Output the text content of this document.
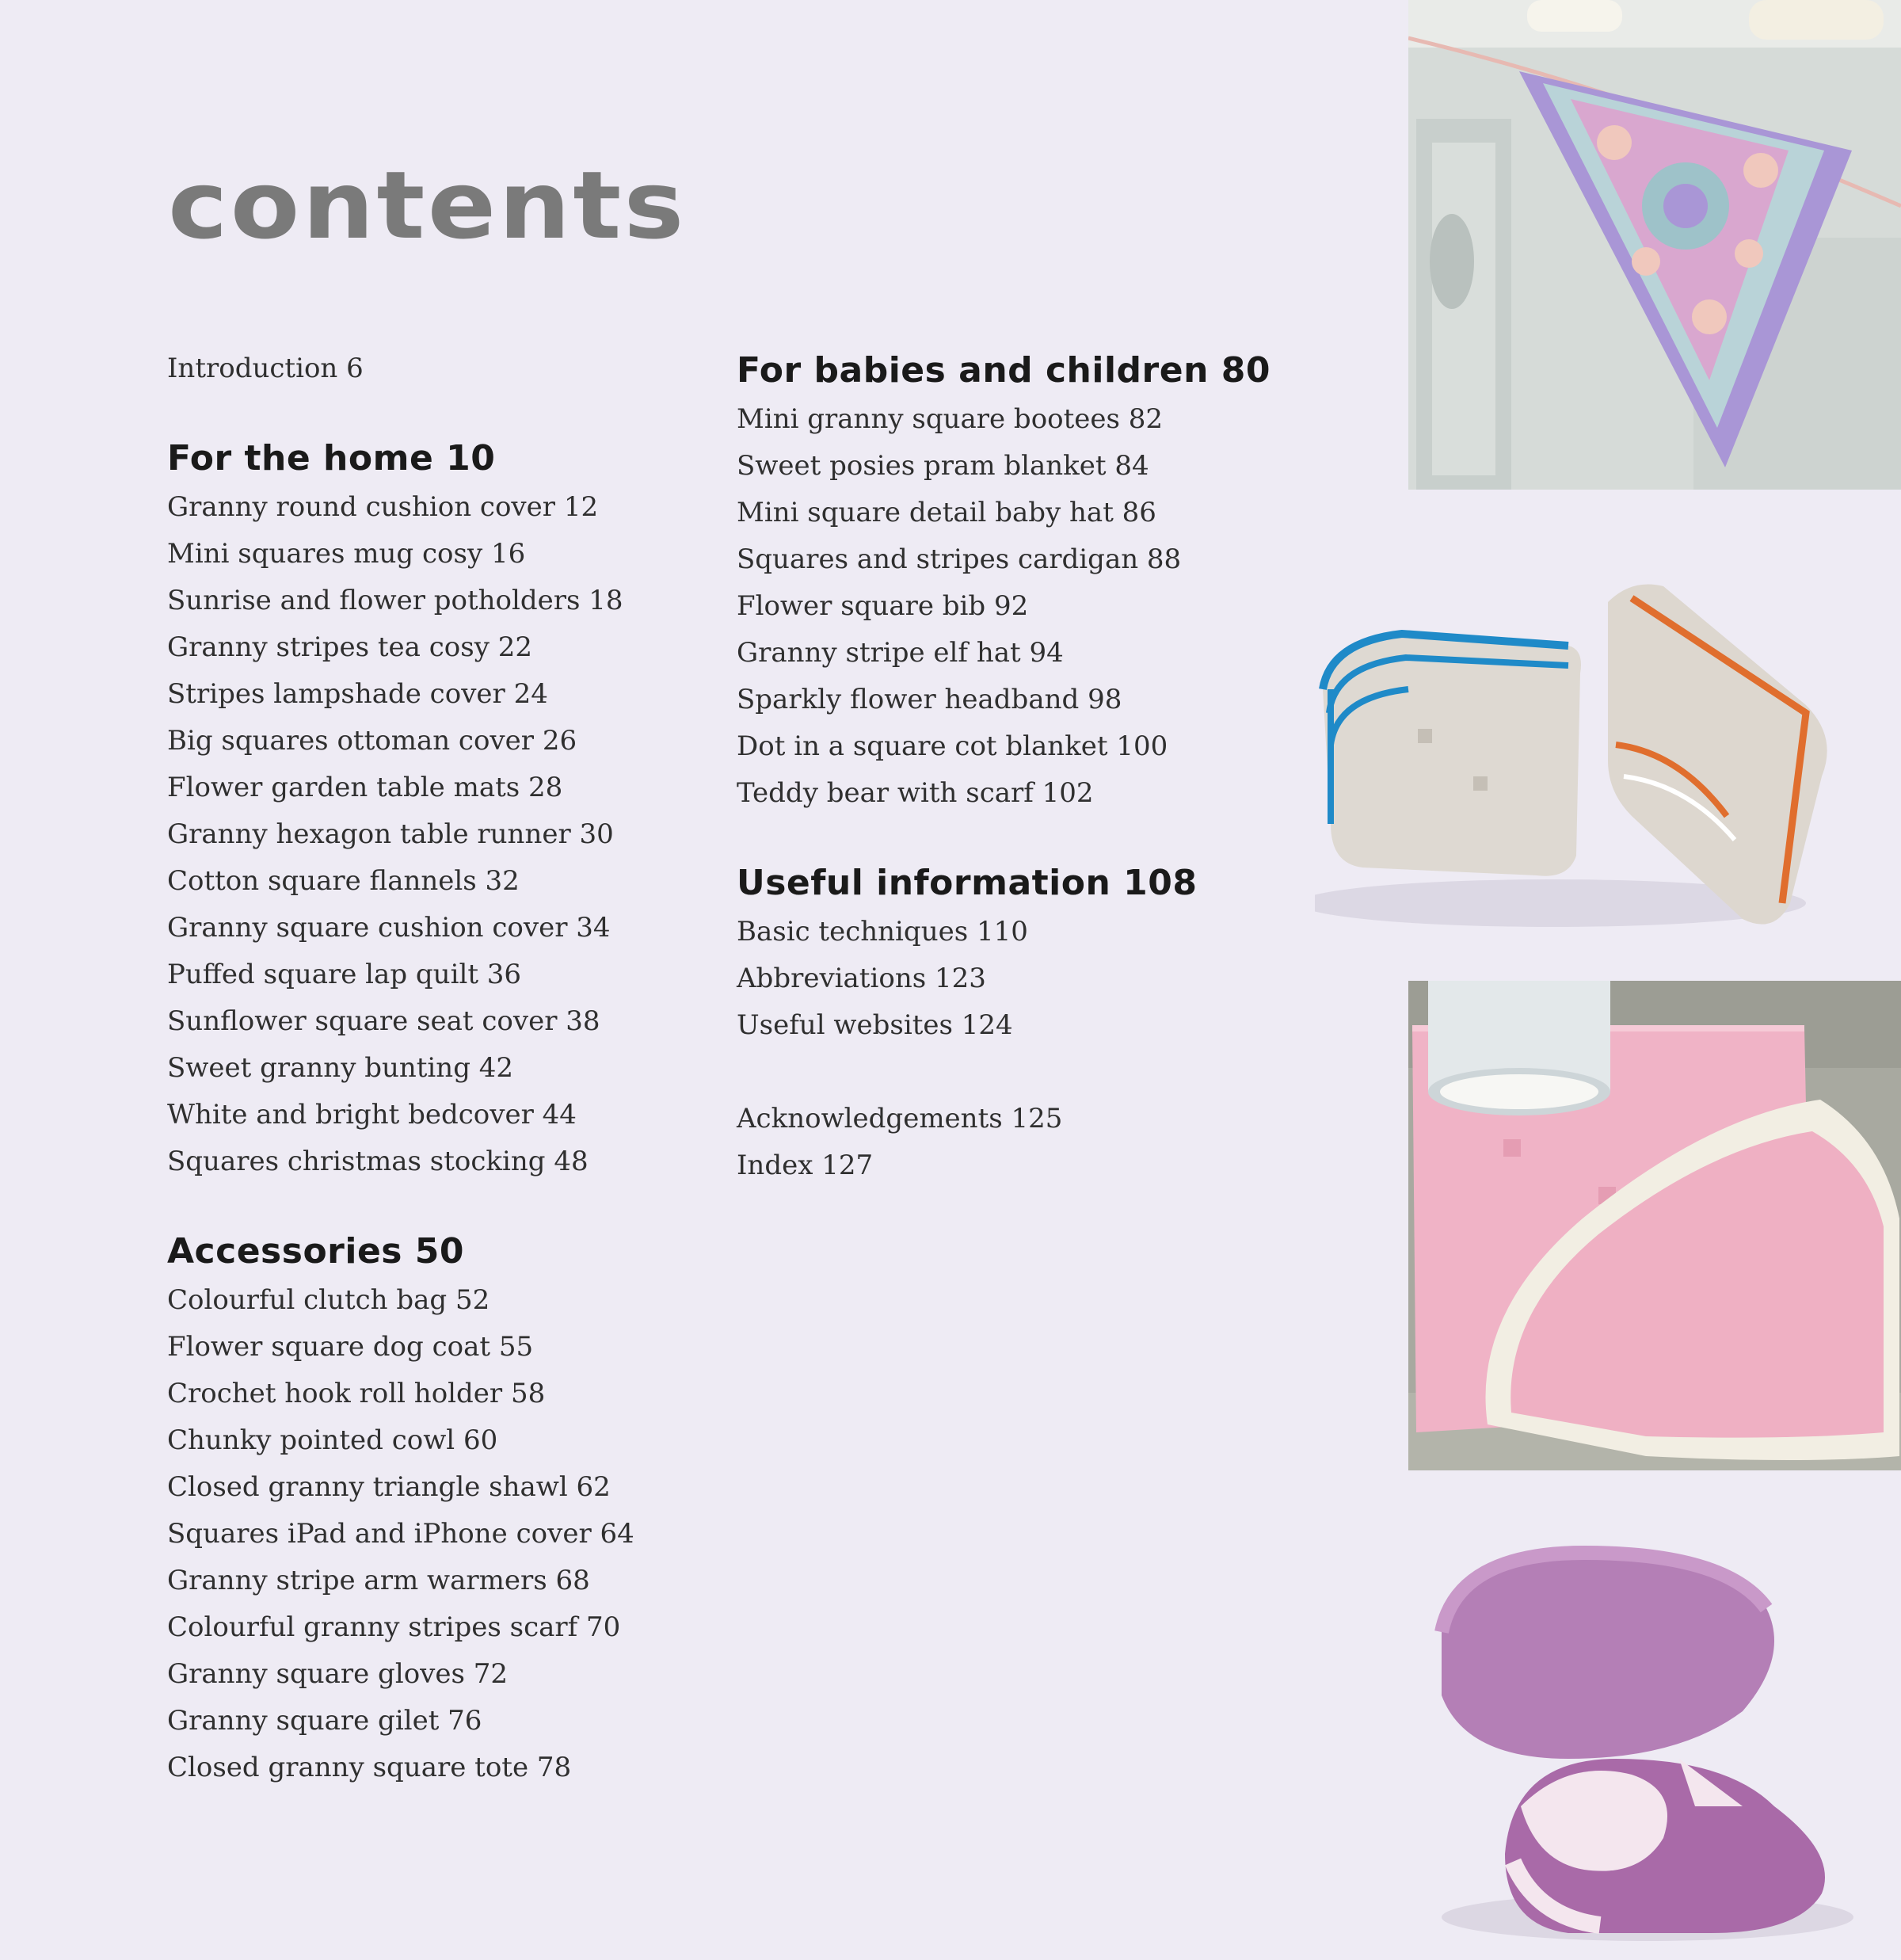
contents
Introduction 6
For the home 10
Granny round cushion cover 12
Mini squares mug cosy 16
Sunrise and flower potholders 18
Granny stripes tea cosy 22
Stripes lampshade cover 24
Big squares ottoman cover 26
Flower garden table mats 28
Granny hexagon table runner 30
Cotton square flannels 32
Granny square cushion cover 34
Puffed square lap quilt 36
Sunflower square seat cover 38
Sweet granny bunting 42
White and bright bedcover 44
Squares christmas stocking 48
Accessories 50
Colourful clutch bag 52
Flower square dog coat 55
Crochet hook roll holder 58
Chunky pointed cowl 60
Closed granny triangle shawl 62
Squares iPad and iPhone cover 64
Granny stripe arm warmers 68
Colourful granny stripes scarf 70
Granny square gloves 72
Granny square gilet 76
Closed granny square tote 78
For babies and children 80
Mini granny square bootees 82
Sweet posies pram blanket 84
Mini square detail baby hat 86
Squares and stripes cardigan 88
Flower square bib 92
Granny stripe elf hat 94
Sparkly flower headband 98
Dot in a square cot blanket 100
Teddy bear with scarf 102
Useful information 108
Basic techniques 110
Abbreviations 123
Useful websites 124
Acknowledgements 125
Index 127
